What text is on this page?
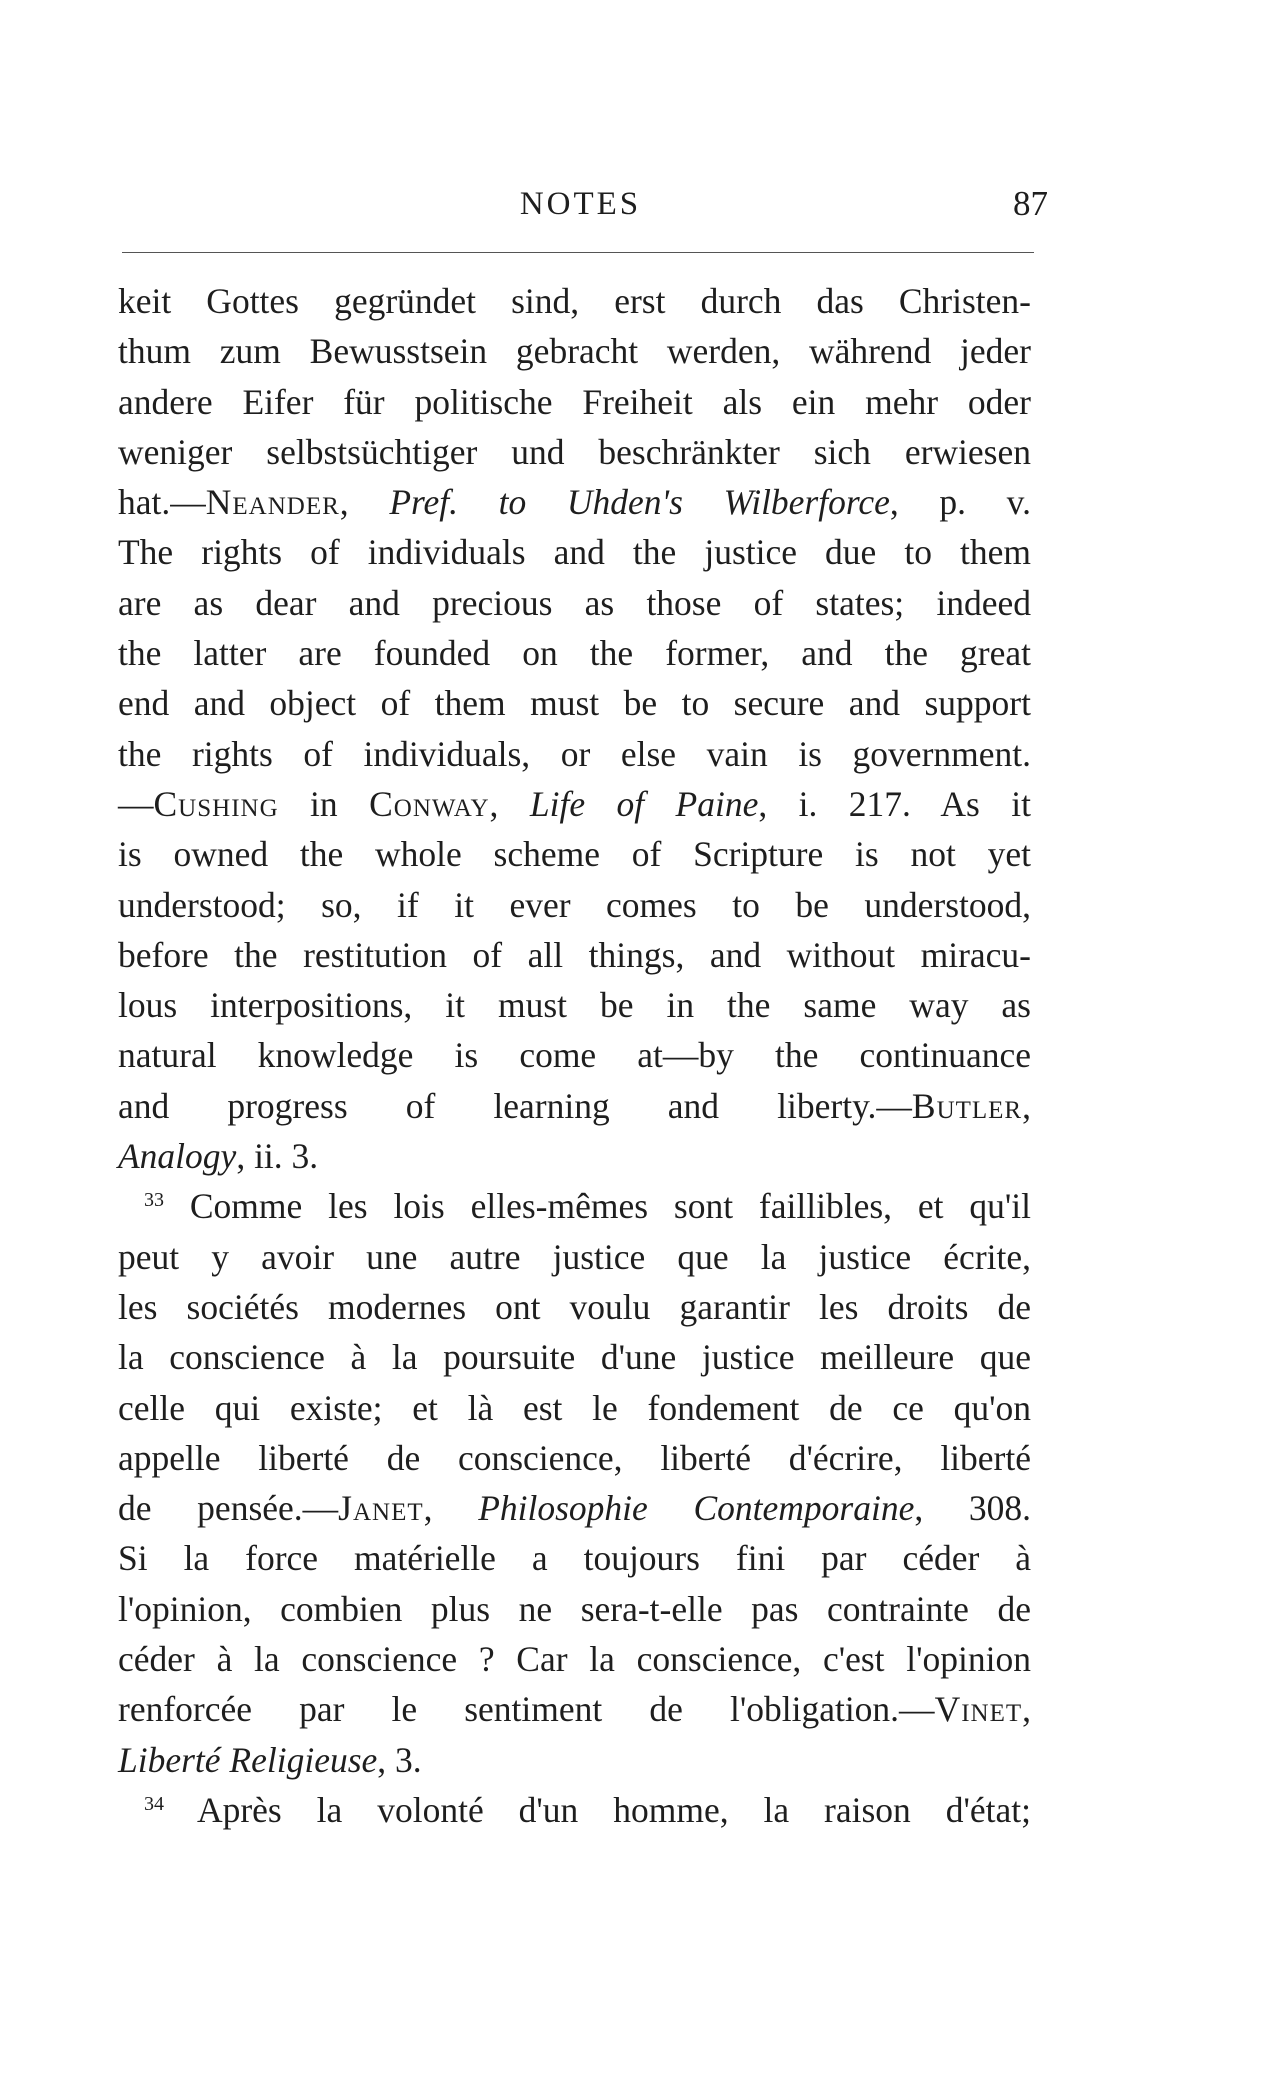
NOTES	87
keit Gottes gegründet sind, erst durch das Christen-
thum zum Bewusstsein gebracht werden, während jeder
andere Eifer für politische Freiheit als ein mehr oder
weniger selbstsüchtiger und beschränkter sich erwiesen
hat.—Neander, Pref. to Uhden's Wilberforce, p. v.
The rights of individuals and the justice due to them
are as dear and precious as those of states; indeed
the latter are founded on the former, and the great
end and object of them must be to secure and support
the rights of individuals, or else vain is government.
—Cushing in Conway, Life of Paine, i. 217. As it
is owned the whole scheme of Scripture is not yet
understood; so, if it ever comes to be understood,
before the restitution of all things, and without miracu-
lous interpositions, it must be in the same way as
natural knowledge is come at—by the continuance
and progress of learning and liberty.—Butler,
Analogy, ii. 3.
$^{33}$ Comme les lois elles-mêmes sont faillibles, et qu'il
peut y avoir une autre justice que la justice écrite,
les sociétés modernes ont voulu garantir les droits de
la conscience à la poursuite d'une justice meilleure que
celle qui existe; et là est le fondement de ce qu'on
appelle liberté de conscience, liberté d'écrire, liberté
de pensée.—Janet, Philosophie Contemporaine, 308.
Si la force matérielle a toujours fini par céder à
l'opinion, combien plus ne sera-t-elle pas contrainte de
céder à la conscience ? Car la conscience, c'est l'opinion
renforcée par le sentiment de l'obligation.—Vinet,
Liberté Religieuse, 3.
$^{34}$ Après la volonté d'un homme, la raison d'état;
